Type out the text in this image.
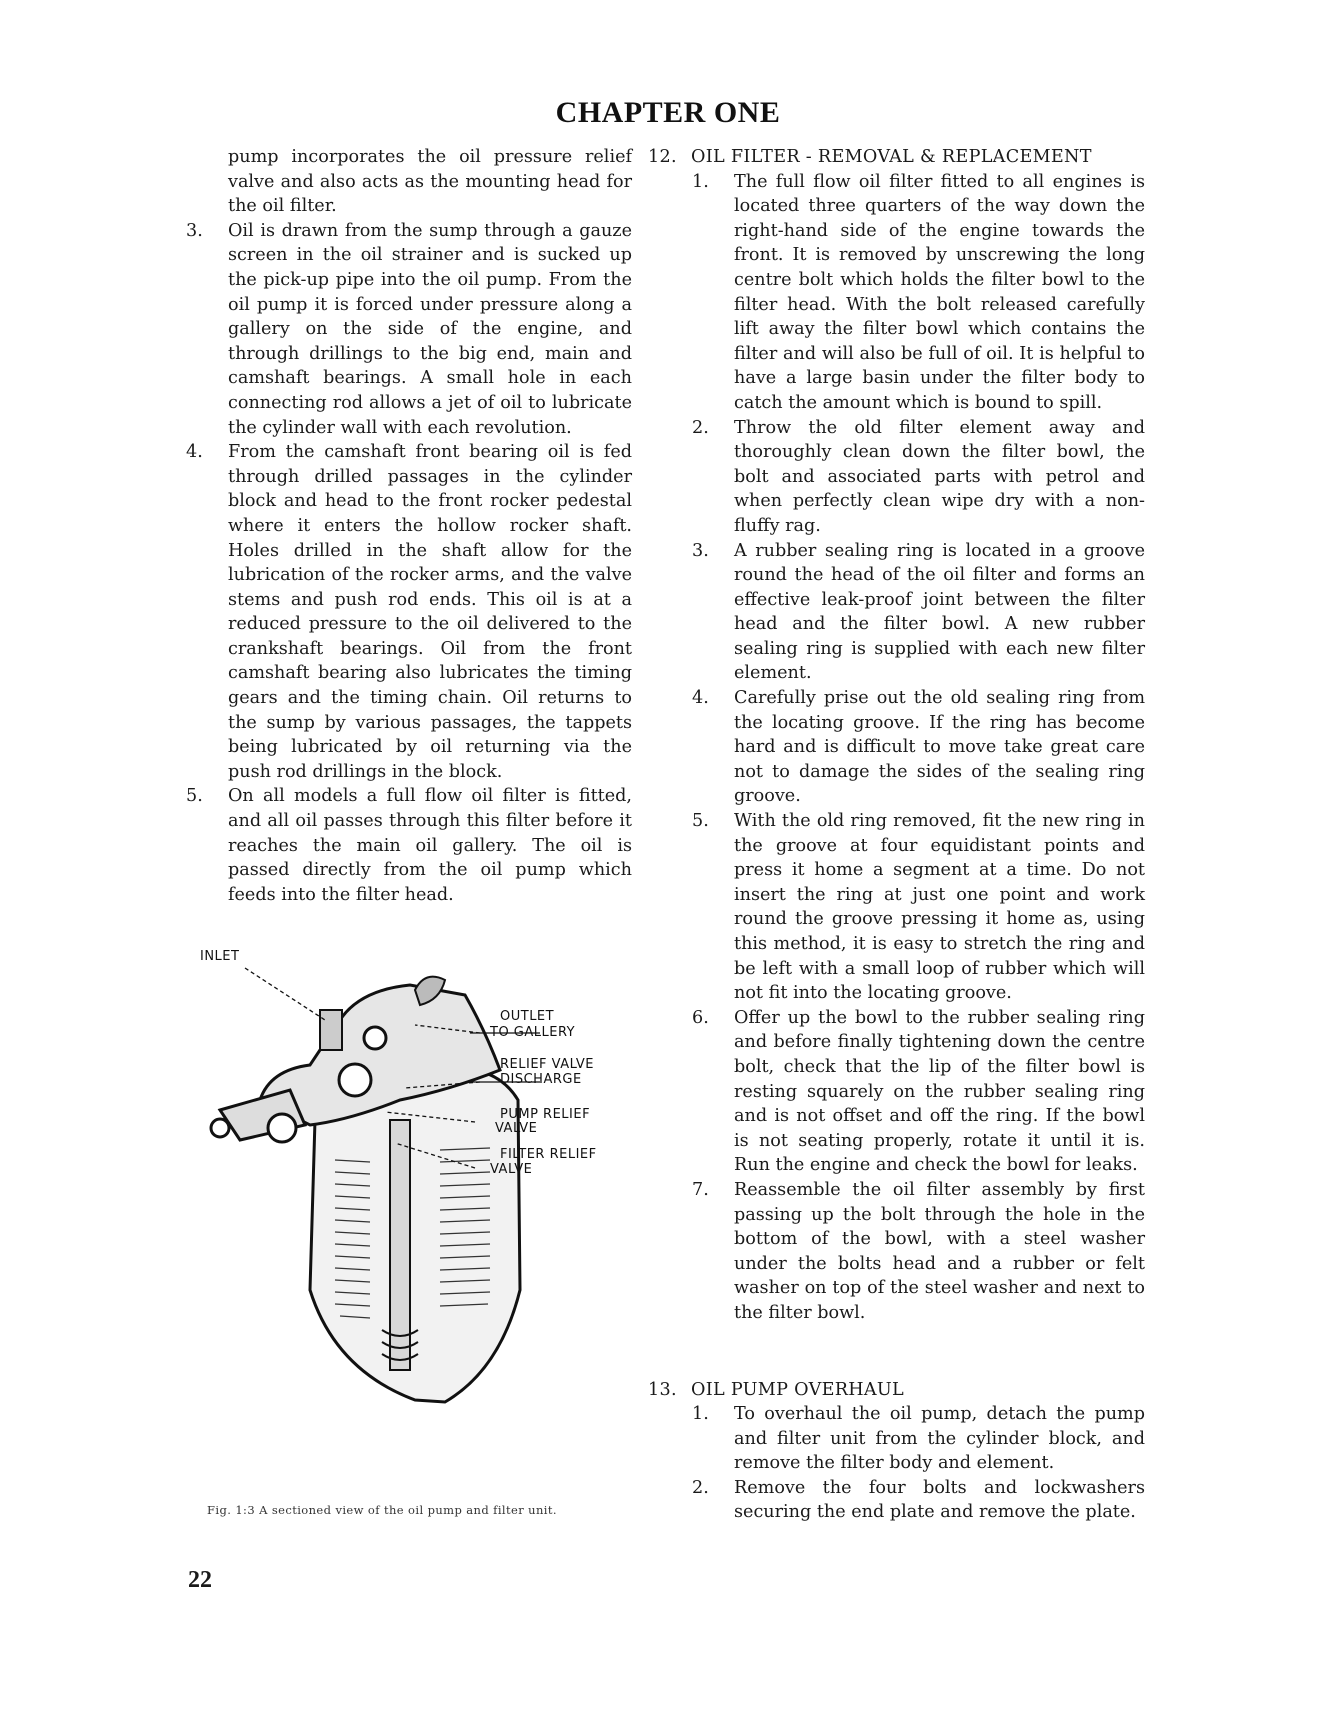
CHAPTER ONE

pump incorporates the oil pressure relief valve and also acts as the mounting head for the oil filter.

3. Oil is drawn from the sump through a gauze screen in the oil strainer and is sucked up the pick-up pipe into the oil pump. From the oil pump it is forced under pressure along a gallery on the side of the engine, and through drillings to the big end, main and camshaft bearings. A small hole in each connecting rod allows a jet of oil to lubricate the cylinder wall with each revolution.
4. From the camshaft front bearing oil is fed through drilled passages in the cylinder block and head to the front rocker pedestal where it enters the hollow rocker shaft. Holes drilled in the shaft allow for the lubrication of the rocker arms, and the valve stems and push rod ends. This oil is at a reduced pressure to the oil delivered to the crankshaft bearings. Oil from the front camshaft bearing also lubricates the timing gears and the timing chain. Oil returns to the sump by various passages, the tappets being lubricated by oil returning via the push rod drillings in the block.
5. On all models a full flow oil filter is fitted, and all oil passes through this filter before it reaches the main oil gallery. The oil is passed directly from the oil pump which feeds into the filter head.
INLET
OUTLET
TO GALLERY
RELIEF VALVE
DISCHARGE
PUMP RELIEF
VALVE
FILTER RELIEF
VALVE
Fig. 1:3 A sectioned view of the oil pump and filter unit.
22

12. OIL FILTER - REMOVAL & REPLACEMENT

1. The full flow oil filter fitted to all engines is located three quarters of the way down the right-hand side of the engine towards the front. It is removed by unscrewing the long centre bolt which holds the filter bowl to the filter head. With the bolt released carefully lift away the filter bowl which contains the filter and will also be full of oil. It is helpful to have a large basin under the filter body to catch the amount which is bound to spill.
2. Throw the old filter element away and thoroughly clean down the filter bowl, the bolt and associated parts with petrol and when perfectly clean wipe dry with a non-fluffy rag.
3. A rubber sealing ring is located in a groove round the head of the oil filter and forms an effective leak-proof joint between the filter head and the filter bowl. A new rubber sealing ring is supplied with each new filter element.
4. Carefully prise out the old sealing ring from the locating groove. If the ring has become hard and is difficult to move take great care not to damage the sides of the sealing ring groove.
5. With the old ring removed, fit the new ring in the groove at four equidistant points and press it home a segment at a time. Do not insert the ring at just one point and work round the groove pressing it home as, using this method, it is easy to stretch the ring and be left with a small loop of rubber which will not fit into the locating groove.
6. Offer up the bowl to the rubber sealing ring and before finally tightening down the centre bolt, check that the lip of the filter bowl is resting squarely on the rubber sealing ring and is not offset and off the ring. If the bowl is not seating properly, rotate it until it is. Run the engine and check the bowl for leaks.
7. Reassemble the oil filter assembly by first passing up the bolt through the hole in the bottom of the bowl, with a steel washer under the bolts head and a rubber or felt washer on top of the steel washer and next to the filter bowl.

13. OIL PUMP OVERHAUL

1. To overhaul the oil pump, detach the pump and filter unit from the cylinder block, and remove the filter body and element.
2. Remove the four bolts and lockwashers securing the end plate and remove the plate.
